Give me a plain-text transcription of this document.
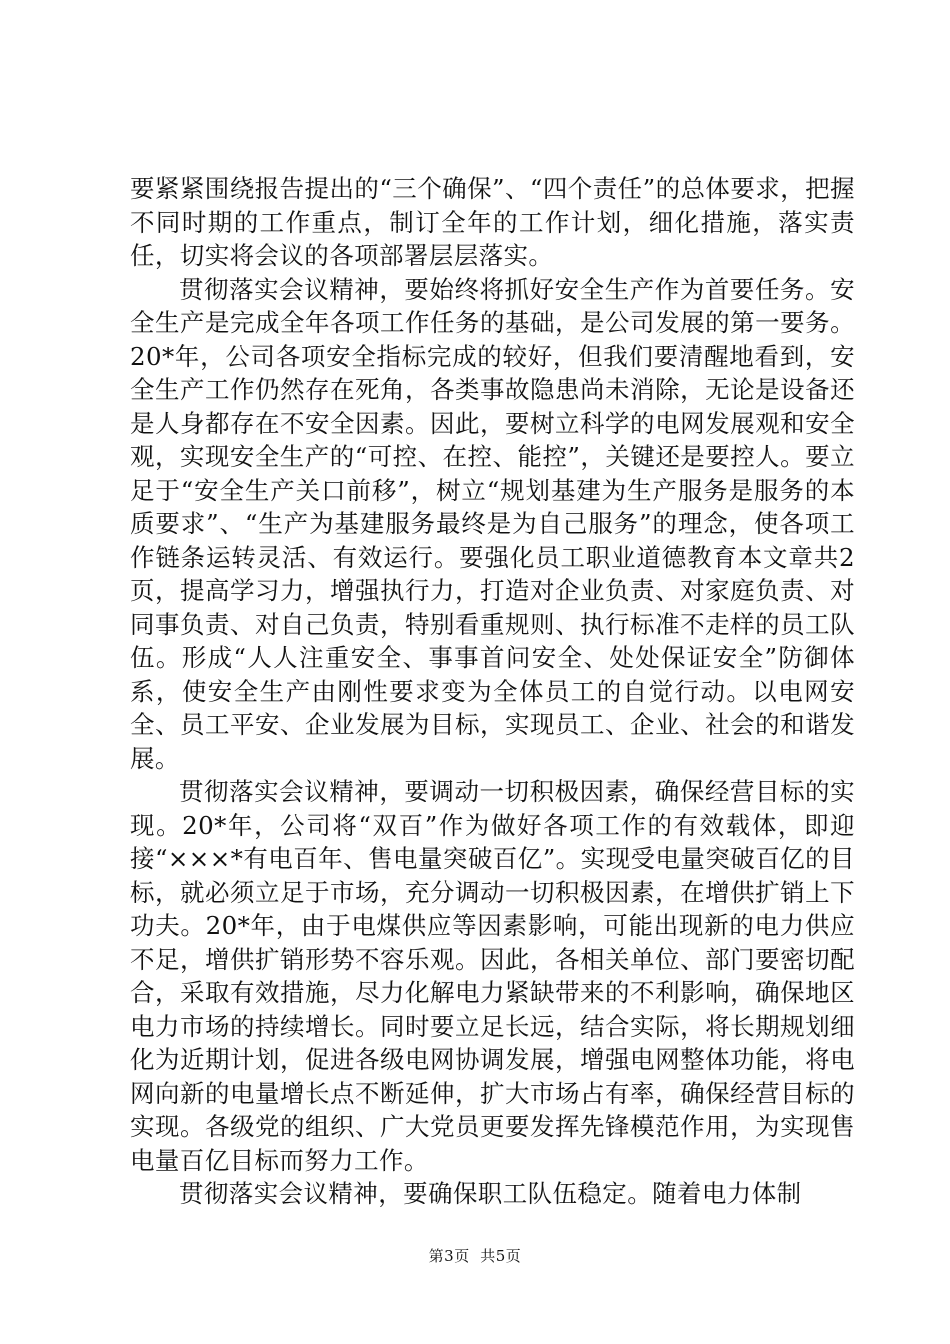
要紧紧围绕报告提出的“三个确保”、“四个责任”的总体要求，把握不同时期的工作重点，制订全年的工作计划，细化措施，落实责任，切实将会议的各项部署层层落实。

贯彻落实会议精神，要始终将抓好安全生产作为首要任务。安全生产是完成全年各项工作任务的基础，是公司发展的第一要务。20*年，公司各项安全指标完成的较好，但我们要清醒地看到，安全生产工作仍然存在死角，各类事故隐患尚未消除，无论是设备还是人身都存在不安全因素。因此，要树立科学的电网发展观和安全观，实现安全生产的“可控、在控、能控”，关键还是要控人。要立足于“安全生产关口前移”，树立“规划基建为生产服务是服务的本质要求”、“生产为基建服务最终是为自己服务”的理念，使各项工作链条运转灵活、有效运行。要强化员工职业道德教育本文章共2页，提高学习力，增强执行力，打造对企业负责、对家庭负责、对同事负责、对自己负责，特别看重规则、执行标准不走样的员工队伍。形成“人人注重安全、事事首问安全、处处保证安全”防御体系，使安全生产由刚性要求变为全体员工的自觉行动。以电网安全、员工平安、企业发展为目标，实现员工、企业、社会的和谐发展。

贯彻落实会议精神，要调动一切积极因素，确保经营目标的实现。20*年，公司将“双百”作为做好各项工作的有效载体，即迎接“×××*有电百年、售电量突破百亿”。实现受电量突破百亿的目标，就必须立足于市场，充分调动一切积极因素，在增供扩销上下功夫。20*年，由于电煤供应等因素影响，可能出现新的电力供应不足，增供扩销形势不容乐观。因此，各相关单位、部门要密切配合，采取有效措施，尽力化解电力紧缺带来的不利影响，确保地区电力市场的持续增长。同时要立足长远，结合实际，将长期规划细化为近期计划，促进各级电网协调发展，增强电网整体功能，将电网向新的电量增长点不断延伸，扩大市场占有率，确保经营目标的实现。各级党的组织、广大党员更要发挥先锋模范作用，为实现售电量百亿目标而努力工作。

贯彻落实会议精神，要确保职工队伍稳定。随着电力体制

第3页 共5页
